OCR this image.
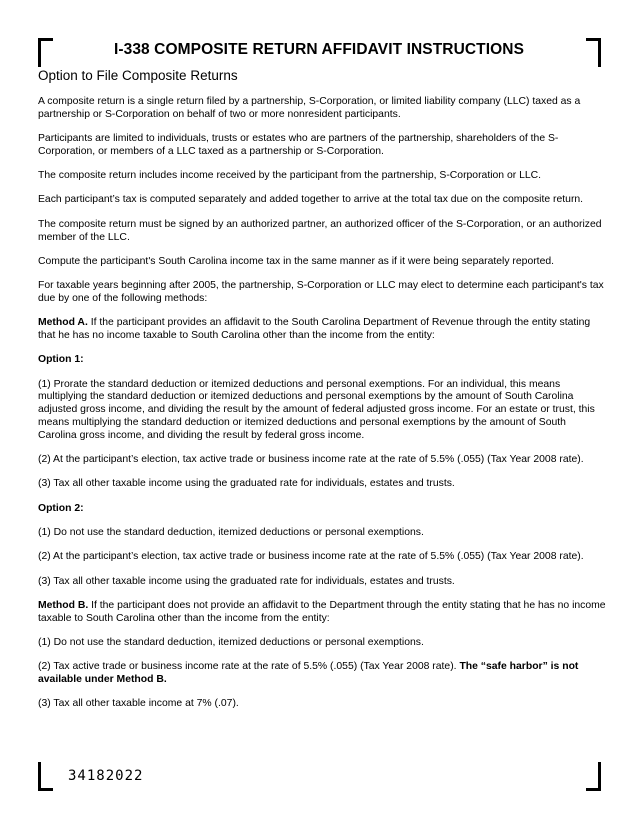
I-338 COMPOSITE RETURN AFFIDAVIT INSTRUCTIONS
Option to File Composite Returns

A composite return is a single return filed by a partnership, S-Corporation, or limited liability company (LLC) taxed as a partnership or S-Corporation on behalf of two or more nonresident participants.

Participants are limited to individuals, trusts or estates who are partners of the partnership, shareholders of the S-Corporation, or members of a LLC taxed as a partnership or S-Corporation.

The composite return includes income received by the participant from the partnership, S-Corporation or LLC.

Each participant’s tax is computed separately and added together to arrive at the total tax due on the composite return.

The composite return must be signed by an authorized partner, an authorized officer of the S-Corporation, or an authorized member of the LLC.

Compute the participant's South Carolina income tax in the same manner as if it were being separately reported.

For taxable years beginning after 2005, the partnership, S-Corporation or LLC may elect to determine each participant's tax due by one of the following methods:

Method A. If the participant provides an affidavit to the South Carolina Department of Revenue through the entity stating that he has no income taxable to South Carolina other than the income from the entity:

Option 1:

(1) Prorate the standard deduction or itemized deductions and personal exemptions. For an individual, this means multiplying the standard deduction or itemized deductions and personal exemptions by the amount of South Carolina adjusted gross income, and dividing the result by the amount of federal adjusted gross income. For an estate or trust, this means multiplying the standard deduction or itemized deductions and personal exemptions by the amount of South Carolina gross income, and dividing the result by federal gross income.

(2) At the participant’s election, tax active trade or business income rate at the rate of 5.5% (.055) (Tax Year 2008 rate).

(3) Tax all other taxable income using the graduated rate for individuals, estates and trusts.

Option 2:

(1) Do not use the standard deduction, itemized deductions or personal exemptions.

(2) At the participant’s election, tax active trade or business income rate at the rate of 5.5% (.055) (Tax Year 2008 rate).

(3) Tax all other taxable income using the graduated rate for individuals, estates and trusts.

Method B. If the participant does not provide an affidavit to the Department through the entity stating that he has no income taxable to South Carolina other than the income from the entity:

(1) Do not use the standard deduction, itemized deductions or personal exemptions.

(2) Tax active trade or business income rate at the rate of 5.5% (.055) (Tax Year 2008 rate). The “safe harbor” is not available under Method B.

(3) Tax all other taxable income at 7% (.07).

34182022
